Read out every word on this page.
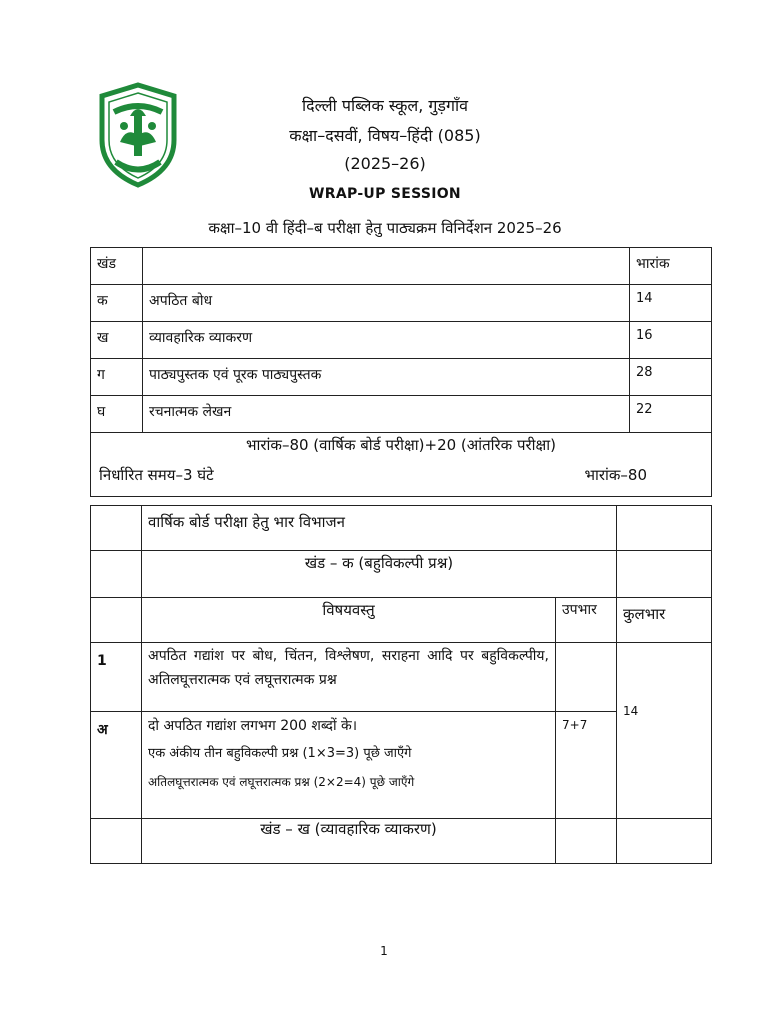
दिल्ली पब्लिक स्कूल, गुड़गाँव
कक्षा–दसवीं, विषय–हिंदी (085)
(2025–26)
WRAP-UP SESSION
कक्षा–10 वी हिंदी–ब परीक्षा हेतु पाठ्यक्रम विनिर्देशन 2025–26
खंड		भारांक
क	अपठित बोध	14
ख	व्यावहारिक व्याकरण	16
ग	पाठ्यपुस्तक एवं पूरक पाठ्यपुस्तक	28
घ	रचनात्मक लेखन	22

भारांक–80 (वार्षिक बोर्ड परीक्षा)+20 (आंतरिक परीक्षा)
निर्धारित समय–3 घंटे भारांक–80		
	वार्षिक बोर्ड परीक्षा हेतु भार विभाजन		
	खंड – क (बहुविकल्पी प्रश्न)		
	विषयवस्तु	उपभार	कुलभार
1	अपठित गद्यांश पर बोध, चिंतन, विश्लेषण, सराहना आदि पर बहुविकल्पीय, अतिलघूत्तरात्मक एवं लघूत्तरात्मक प्रश्न		14
अ	दो अपठित गद्यांश लगभग 200 शब्दों के।
एक अंकीय तीन बहुविकल्पी प्रश्न (1×3=3) पूछे जाएँगे
अतिलघूत्तरात्मक एवं लघूत्तरात्मक प्रश्न (2×2=4) पूछे जाएँगे	7+7	
	खंड – ख (व्यावहारिक व्याकरण)		
1
